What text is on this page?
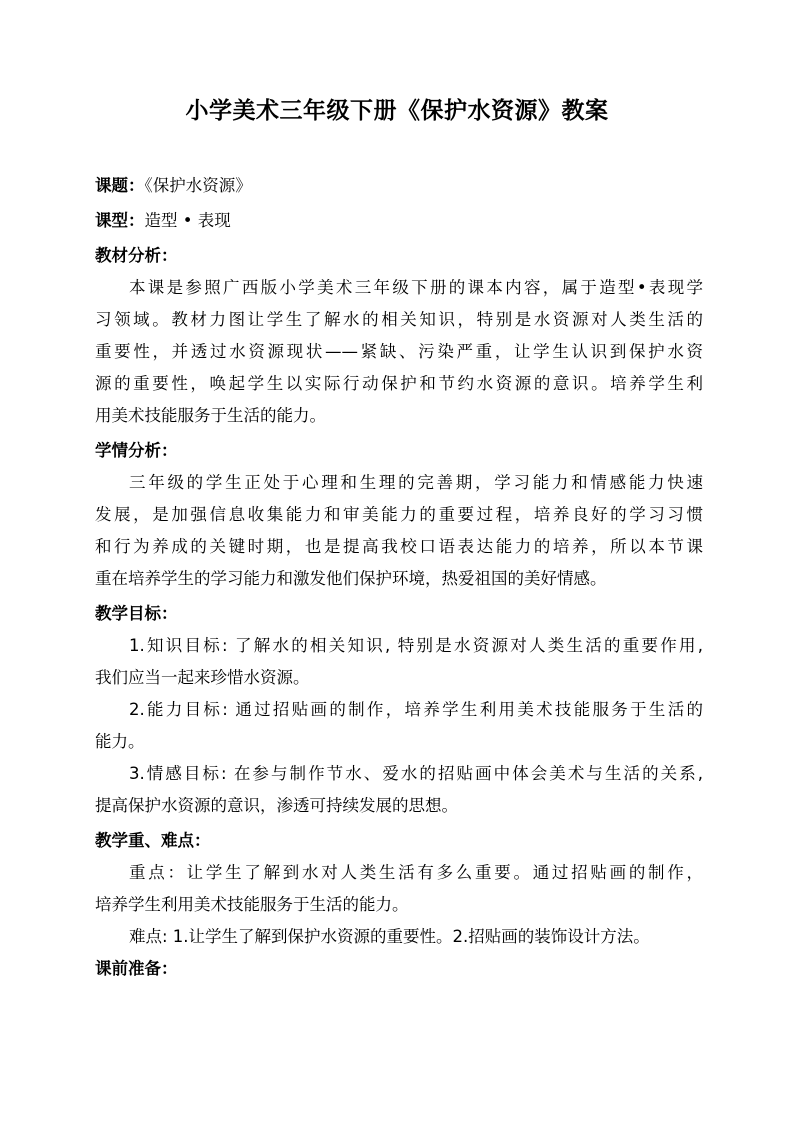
小学美术三年级下册《保护水资源》教案
课题：《保护水资源》
课型：造型 • 表现
教材分析：
本课是参照广西版小学美术三年级下册的课本内容，属于造型•表现学
习领域。教材力图让学生了解水的相关知识，特别是水资源对人类生活的
重要性，并透过水资源现状——紧缺、污染严重，让学生认识到保护水资
源的重要性，唤起学生以实际行动保护和节约水资源的意识。培养学生利
用美术技能服务于生活的能力。
学情分析：
三年级的学生正处于心理和生理的完善期，学习能力和情感能力快速
发展，是加强信息收集能力和审美能力的重要过程，培养良好的学习习惯
和行为养成的关键时期，也是提高我校口语表达能力的培养，所以本节课
重在培养学生的学习能力和激发他们保护环境，热爱祖国的美好情感。
教学目标：
1.知识目标: 了解水的相关知识, 特别是水资源对人类生活的重要作用,
我们应当一起来珍惜水资源。
2.能力目标: 通过招贴画的制作，培养学生利用美术技能服务于生活的
能力。
3.情感目标: 在参与制作节水、爱水的招贴画中体会美术与生活的关系,
提高保护水资源的意识，渗透可持续发展的思想。
教学重、难点：
重点：让学生了解到水对人类生活有多么重要。通过招贴画的制作，
培养学生利用美术技能服务于生活的能力。
难点: 1.让学生了解到保护水资源的重要性。2.招贴画的装饰设计方法。
课前准备：
